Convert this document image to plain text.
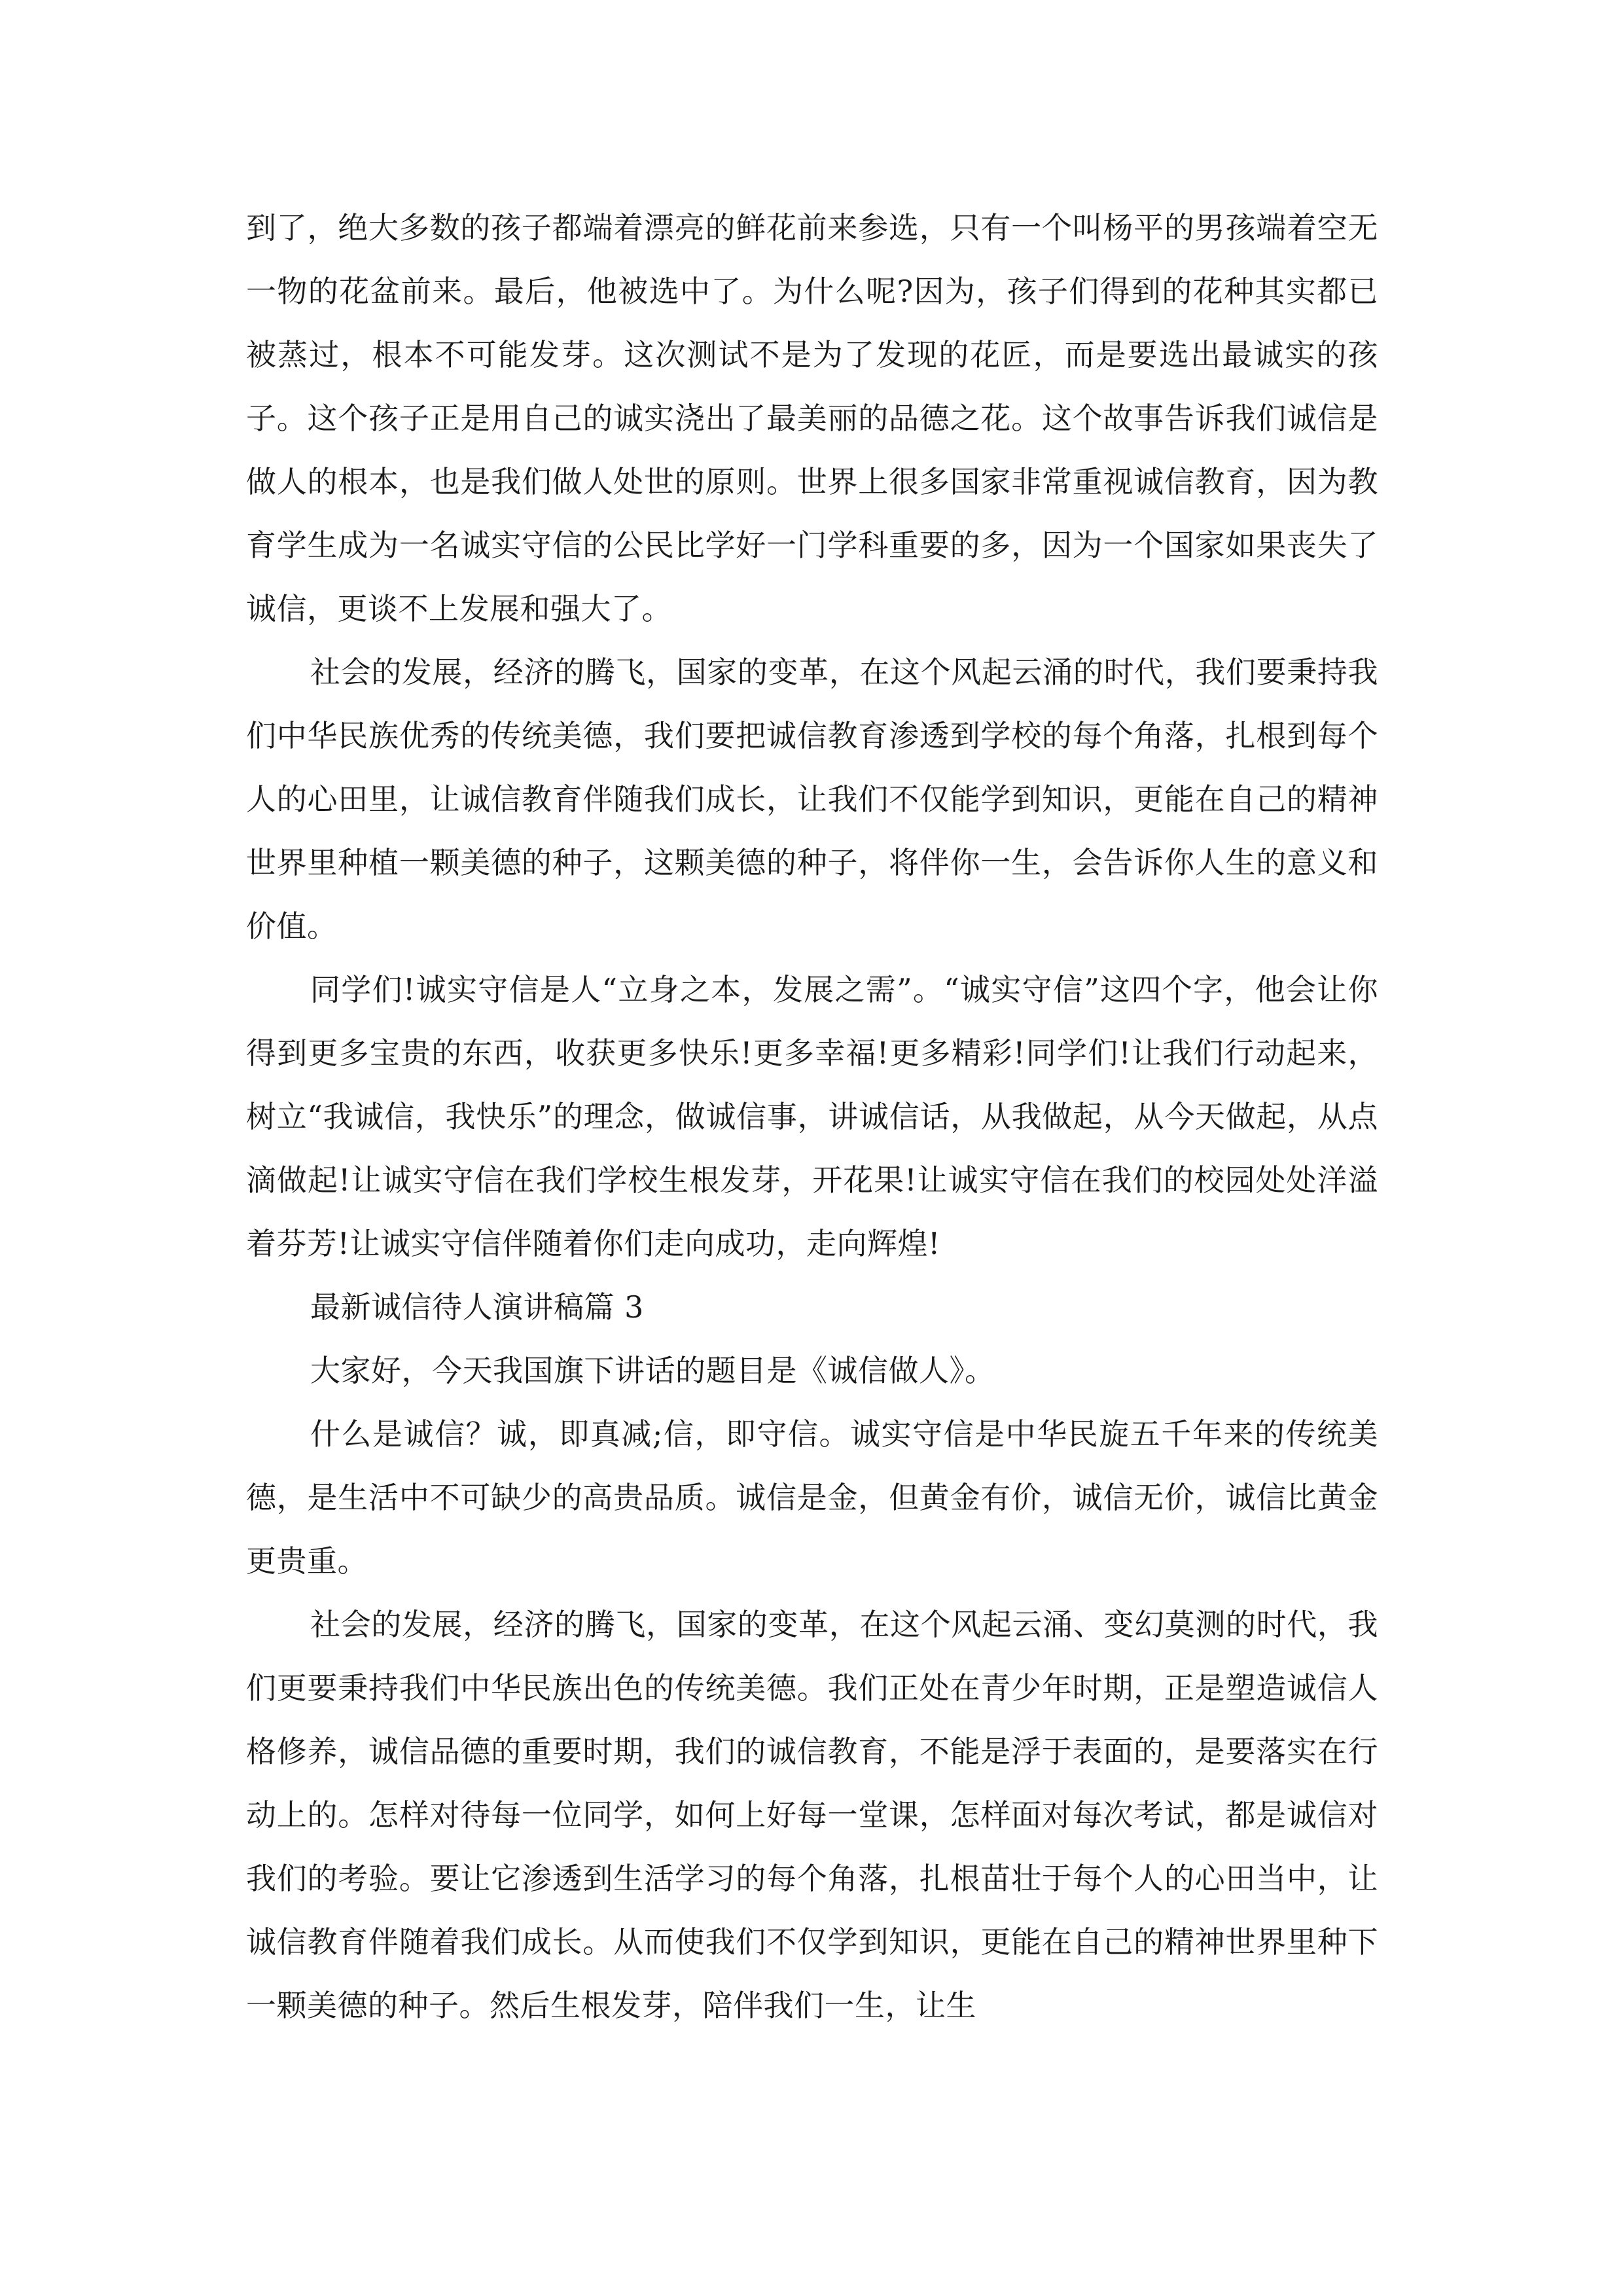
到了，绝大多数的孩子都端着漂亮的鲜花前来参选，只有一个叫杨平的男孩端着空无一物的花盆前来。最后，他被选中了。为什么呢?因为，孩子们得到的花种其实都已被蒸过，根本不可能发芽。这次测试不是为了发现的花匠，而是要选出最诚实的孩子。这个孩子正是用自己的诚实浇出了最美丽的品德之花。这个故事告诉我们诚信是做人的根本，也是我们做人处世的原则。世界上很多国家非常重视诚信教育，因为教育学生成为一名诚实守信的公民比学好一门学科重要的多，因为一个国家如果丧失了诚信，更谈不上发展和强大了。

社会的发展，经济的腾飞，国家的变革，在这个风起云涌的时代，我们要秉持我们中华民族优秀的传统美德，我们要把诚信教育渗透到学校的每个角落，扎根到每个人的心田里，让诚信教育伴随我们成长，让我们不仅能学到知识，更能在自己的精神世界里种植一颗美德的种子，这颗美德的种子，将伴你一生，会告诉你人生的意义和价值。

同学们!诚实守信是人“立身之本，发展之需”。“诚实守信”这四个字，他会让你得到更多宝贵的东西，收获更多快乐!更多幸福!更多精彩!同学们!让我们行动起来，树立“我诚信，我快乐”的理念，做诚信事，讲诚信话，从我做起，从今天做起，从点滴做起!让诚实守信在我们学校生根发芽，开花果!让诚实守信在我们的校园处处洋溢着芬芳!让诚实守信伴随着你们走向成功，走向辉煌!

最新诚信待人演讲稿篇 3

大家好，今天我国旗下讲话的题目是《诚信做人》。

什么是诚信？诚，即真减;信，即守信。诚实守信是中华民旋五千年来的传统美德，是生活中不可缺少的高贵品质。诚信是金，但黄金有价，诚信无价，诚信比黄金更贵重。

社会的发展，经济的腾飞，国家的变革，在这个风起云涌、变幻莫测的时代，我们更要秉持我们中华民族出色的传统美德。我们正处在青少年时期，正是塑造诚信人格修养，诚信品德的重要时期，我们的诚信教育，不能是浮于表面的，是要落实在行动上的。怎样对待每一位同学，如何上好每一堂课，怎样面对每次考试，都是诚信对我们的考验。要让它渗透到生活学习的每个角落，扎根苗壮于每个人的心田当中，让诚信教育伴随着我们成长。从而使我们不仅学到知识，更能在自己的精神世界里种下一颗美德的种子。然后生根发芽，陪伴我们一生，让生
